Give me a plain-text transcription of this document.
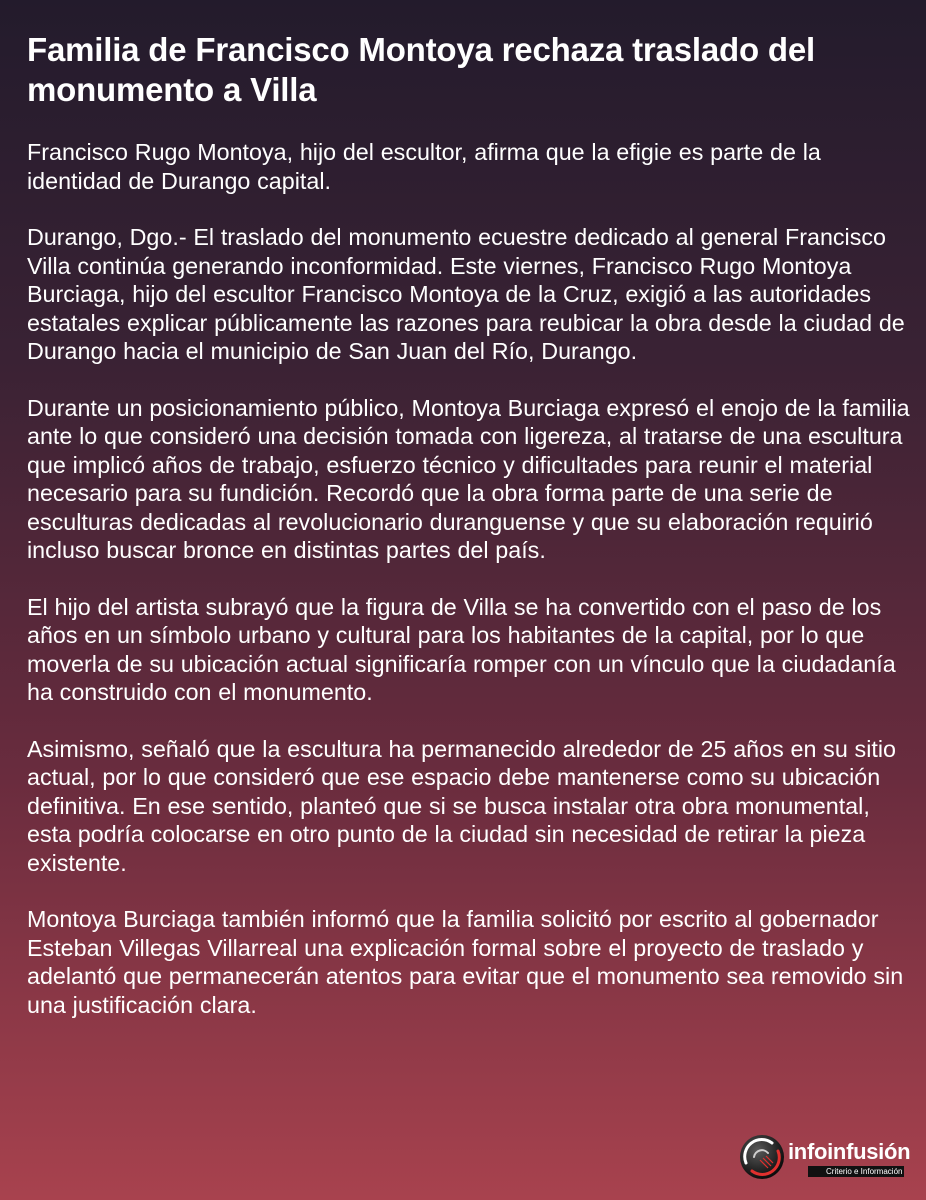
Familia de Francisco Montoya rechaza traslado del monumento a Villa

Francisco Rugo Montoya, hijo del escultor, afirma que la efigie es parte de la identidad de Durango capital.

Durango, Dgo.- El traslado del monumento ecuestre dedicado al general Francisco Villa continúa generando inconformidad. Este viernes, Francisco Rugo Montoya Burciaga, hijo del escultor Francisco Montoya de la Cruz, exigió a las autoridades estatales explicar públicamente las razones para reubicar la obra desde la ciudad de Durango hacia el municipio de San Juan del Río, Durango.

Durante un posicionamiento público, Montoya Burciaga expresó el enojo de la familia ante lo que consideró una decisión tomada con ligereza, al tratarse de una escultura que implicó años de trabajo, esfuerzo técnico y dificultades para reunir el material necesario para su fundición. Recordó que la obra forma parte de una serie de esculturas dedicadas al revolucionario duranguense y que su elaboración requirió incluso buscar bronce en distintas partes del país.

El hijo del artista subrayó que la figura de Villa se ha convertido con el paso de los años en un símbolo urbano y cultural para los habitantes de la capital, por lo que moverla de su ubicación actual significaría romper con un vínculo que la ciudadanía ha construido con el monumento.

Asimismo, señaló que la escultura ha permanecido alrededor de 25 años en su sitio actual, por lo que consideró que ese espacio debe mantenerse como su ubicación definitiva. En ese sentido, planteó que si se busca instalar otra obra monumental, esta podría colocarse en otro punto de la ciudad sin necesidad de retirar la pieza existente.

Montoya Burciaga también informó que la familia solicitó por escrito al gobernador Esteban Villegas Villarreal una explicación formal sobre el proyecto de traslado y adelantó que permanecerán atentos para evitar que el monumento sea removido sin una justificación clara.

infoinfusión
Criterio e Información
